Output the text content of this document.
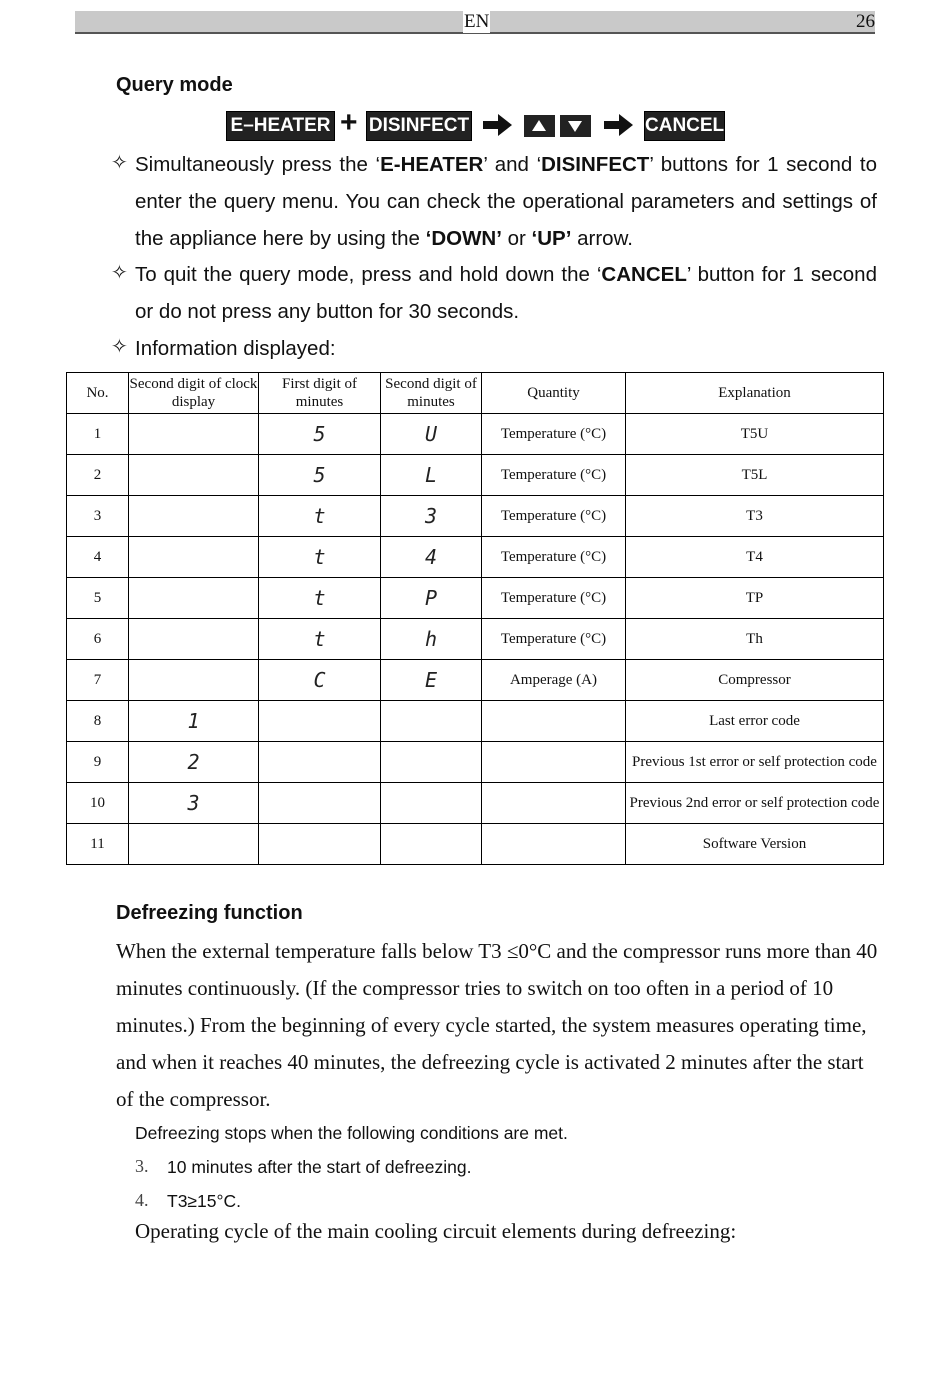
EN	26
Query mode
E–HEATER + DISINFECT	CANCEL
✧ Simultaneously press the ‘E-HEATER’ and ‘DISINFECT’ buttons for 1 second to enter the query menu. You can check the operational parameters and settings of the appliance here by using the ‘DOWN’ or ‘UP’ arrow.
✧ To quit the query mode, press and hold down the ‘CANCEL’ button for 1 second or do not press any button for 30 seconds.
✧ Information displayed:
No.	Second digit of clock display	First digit of minutes	Second digit of minutes	Quantity	Explanation
1		5	U	Temperature (°C)	T5U
2		5	L	Temperature (°C)	T5L
3		t	3	Temperature (°C)	T3
4		t	4	Temperature (°C)	T4
5		t	P	Temperature (°C)	TP
6		t	h	Temperature (°C)	Th
7		C	E	Amperage (A)	Compressor
8	1				Last error code
9	2				Previous 1st error or self protection code
10	3				Previous 2nd error or self protection code
11					Software Version
Defreezing function
When the external temperature falls below T3 ≤0°C and the compressor runs more than 40 minutes continuously. (If the compressor tries to switch on too often in a period of 10 minutes.) From the beginning of every cycle started, the system measures operating time, and when it reaches 40 minutes, the defreezing cycle is activated 2 minutes after the start of the compressor.
Defreezing stops when the following conditions are met.
3. 10 minutes after the start of defreezing.
4. T3≥15°C.
Operating cycle of the main cooling circuit elements during defreezing:
